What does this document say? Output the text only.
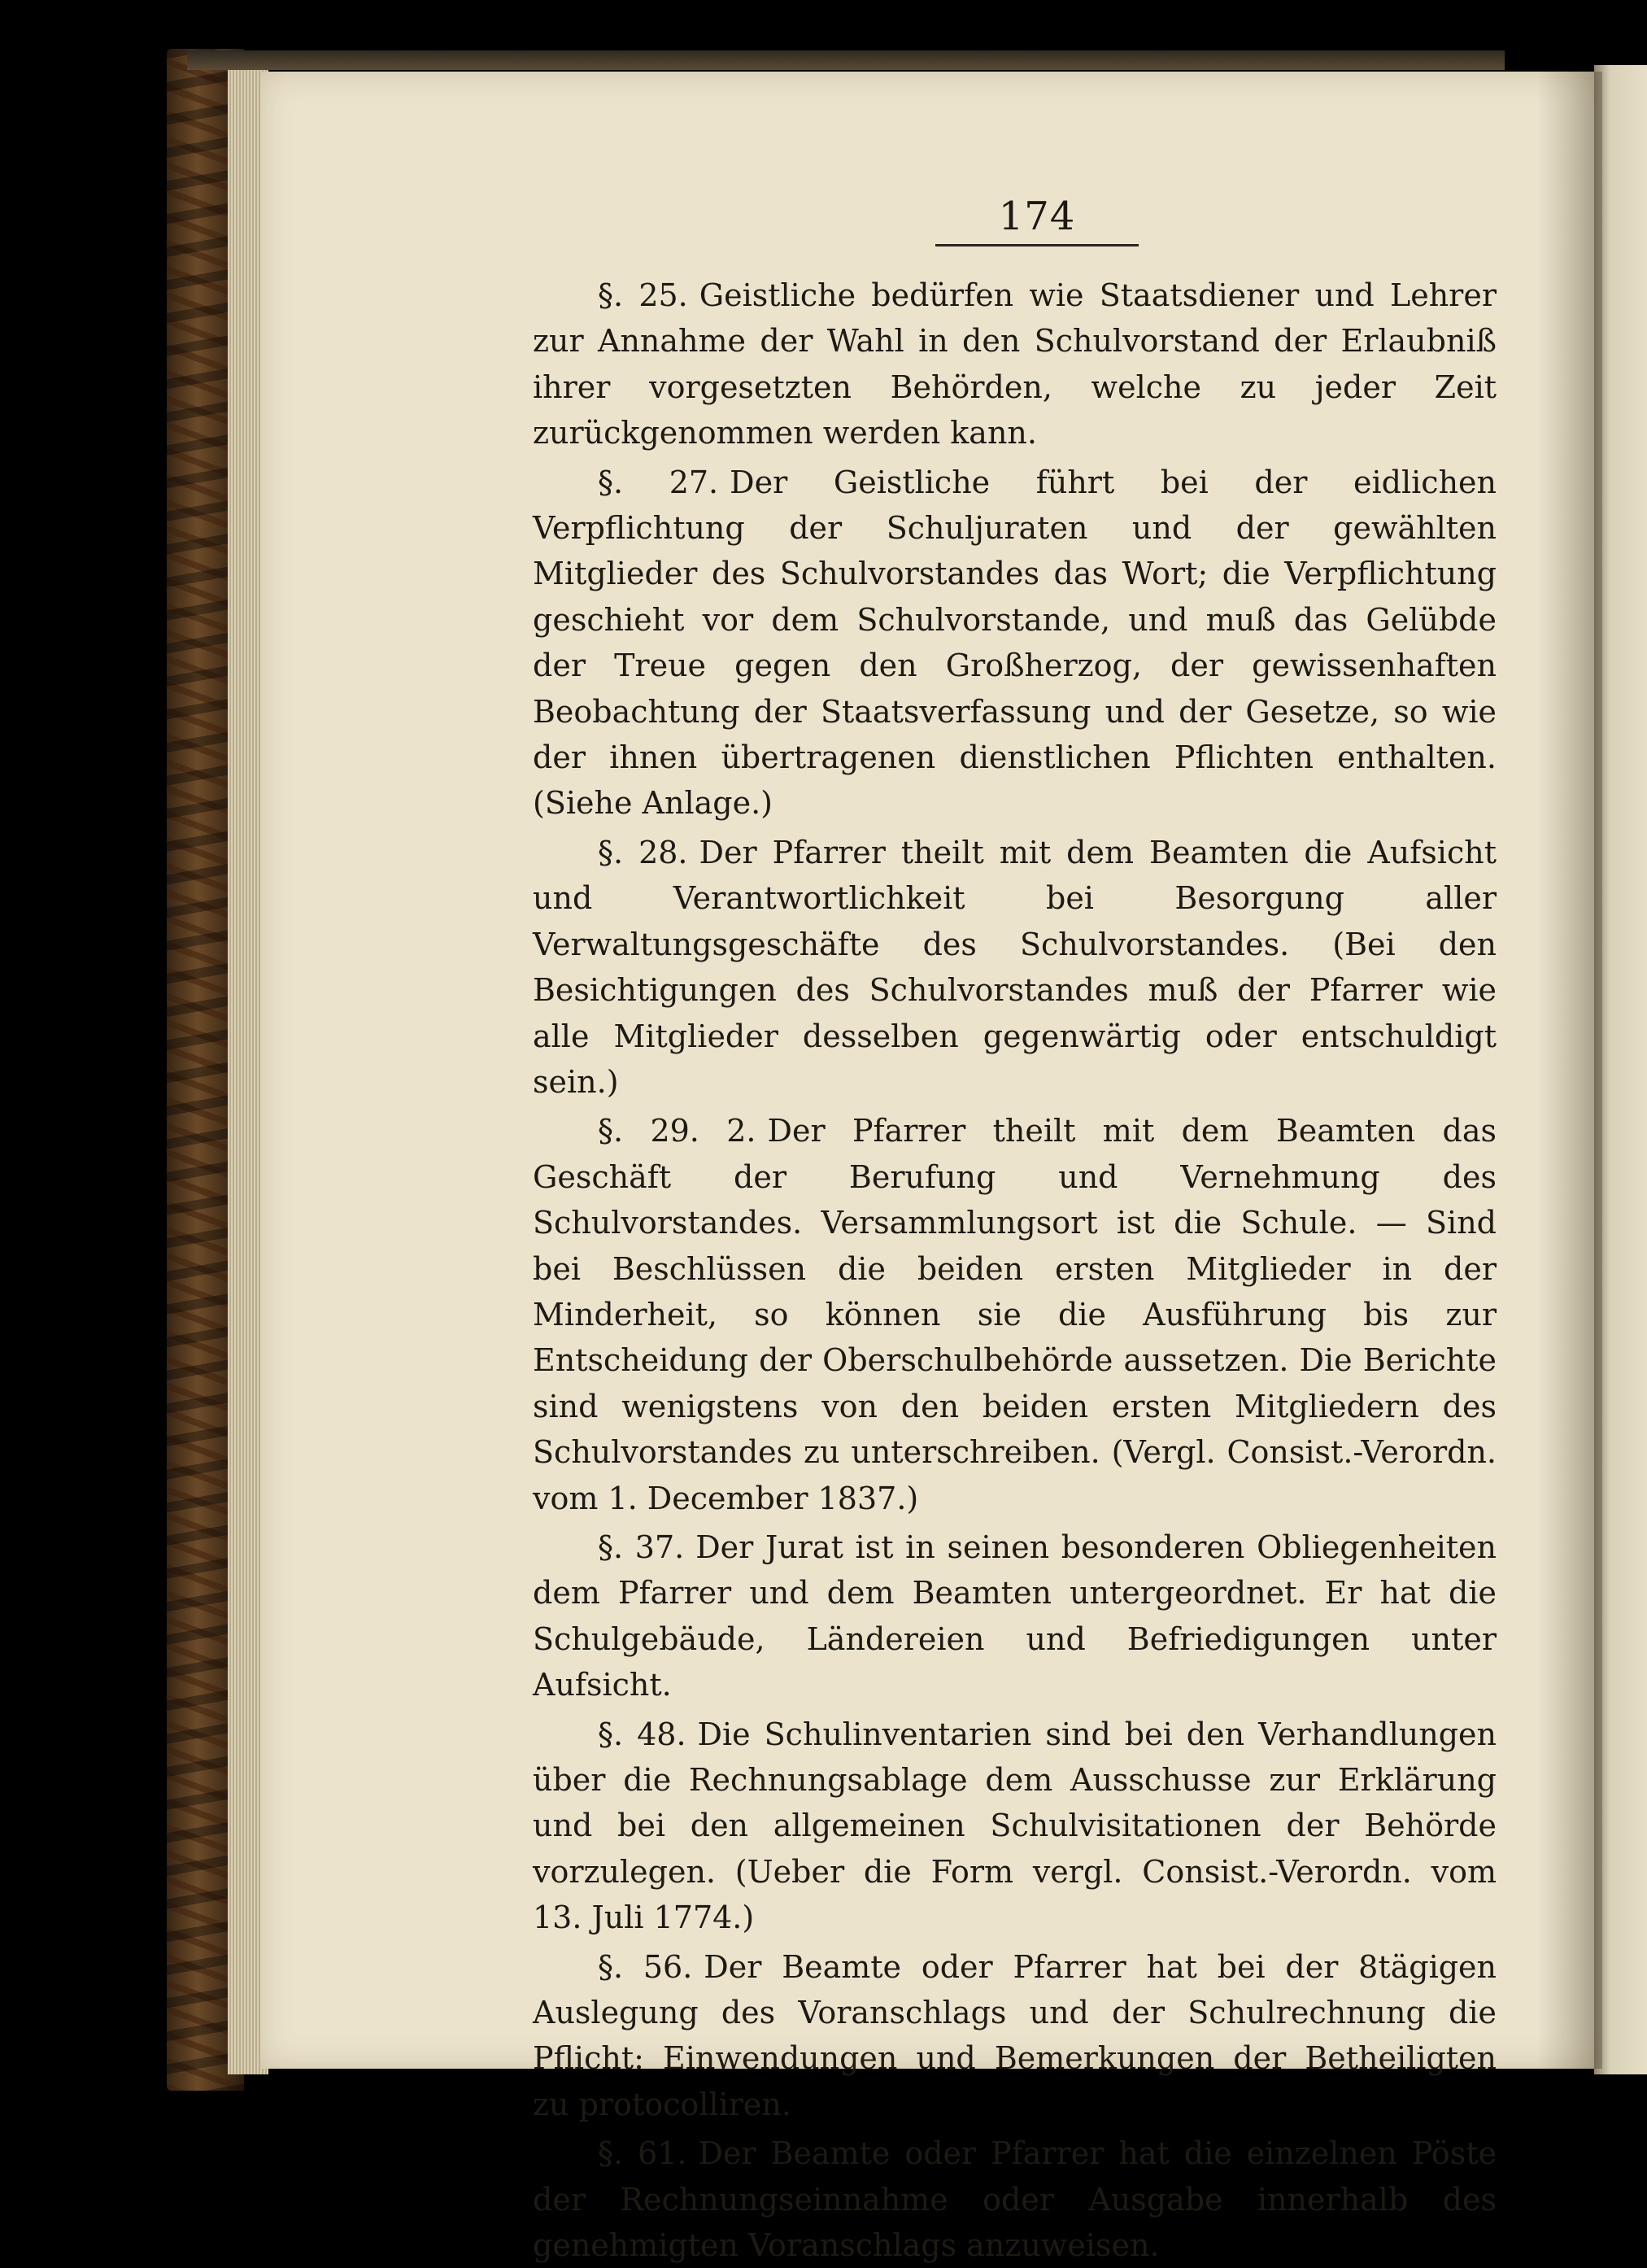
174

§. 25. Geistliche bedürfen wie Staatsdiener und Lehrer zur Annahme der Wahl in den Schulvorstand der Erlaubniß ihrer vorgesetzten Behörden, welche zu jeder Zeit zurückgenommen werden kann.

§. 27. Der Geistliche führt bei der eidlichen Verpflichtung der Schuljuraten und der gewählten Mitglieder des Schulvorstandes das Wort; die Verpflichtung geschieht vor dem Schulvorstande, und muß das Gelübde der Treue gegen den Großherzog, der gewissenhaften Beobachtung der Staatsverfassung und der Gesetze, so wie der ihnen übertragenen dienstlichen Pflichten enthalten. (Siehe Anlage.)

§. 28. Der Pfarrer theilt mit dem Beamten die Aufsicht und Verantwortlichkeit bei Besorgung aller Verwaltungsgeschäfte des Schulvorstandes. (Bei den Besichtigungen des Schulvorstandes muß der Pfarrer wie alle Mitglieder desselben gegenwärtig oder entschuldigt sein.)

§. 29. 2. Der Pfarrer theilt mit dem Beamten das Geschäft der Berufung und Vernehmung des Schulvorstandes. Versammlungsort ist die Schule. — Sind bei Beschlüssen die beiden ersten Mitglieder in der Minderheit, so können sie die Ausführung bis zur Entscheidung der Oberschulbehörde aussetzen. Die Berichte sind wenigstens von den beiden ersten Mitgliedern des Schulvorstandes zu unterschreiben. (Vergl. Consist.-Verordn. vom 1. December 1837.)

§. 37. Der Jurat ist in seinen besonderen Obliegenheiten dem Pfarrer und dem Beamten untergeordnet. Er hat die Schulgebäude, Ländereien und Befriedigungen unter Aufsicht.

§. 48. Die Schulinventarien sind bei den Verhandlungen über die Rechnungsablage dem Ausschusse zur Erklärung und bei den allgemeinen Schulvisitationen der Behörde vorzulegen. (Ueber die Form vergl. Consist.-Verordn. vom 13. Juli 1774.)

§. 56. Der Beamte oder Pfarrer hat bei der 8tägigen Auslegung des Voranschlags und der Schulrechnung die Pflicht: Einwendungen und Bemerkungen der Betheiligten zu protocolliren.

§. 61. Der Beamte oder Pfarrer hat die einzelnen Pöste der Rechnungseinnahme oder Ausgabe innerhalb des genehmigten Voranschlags anzuweisen.
